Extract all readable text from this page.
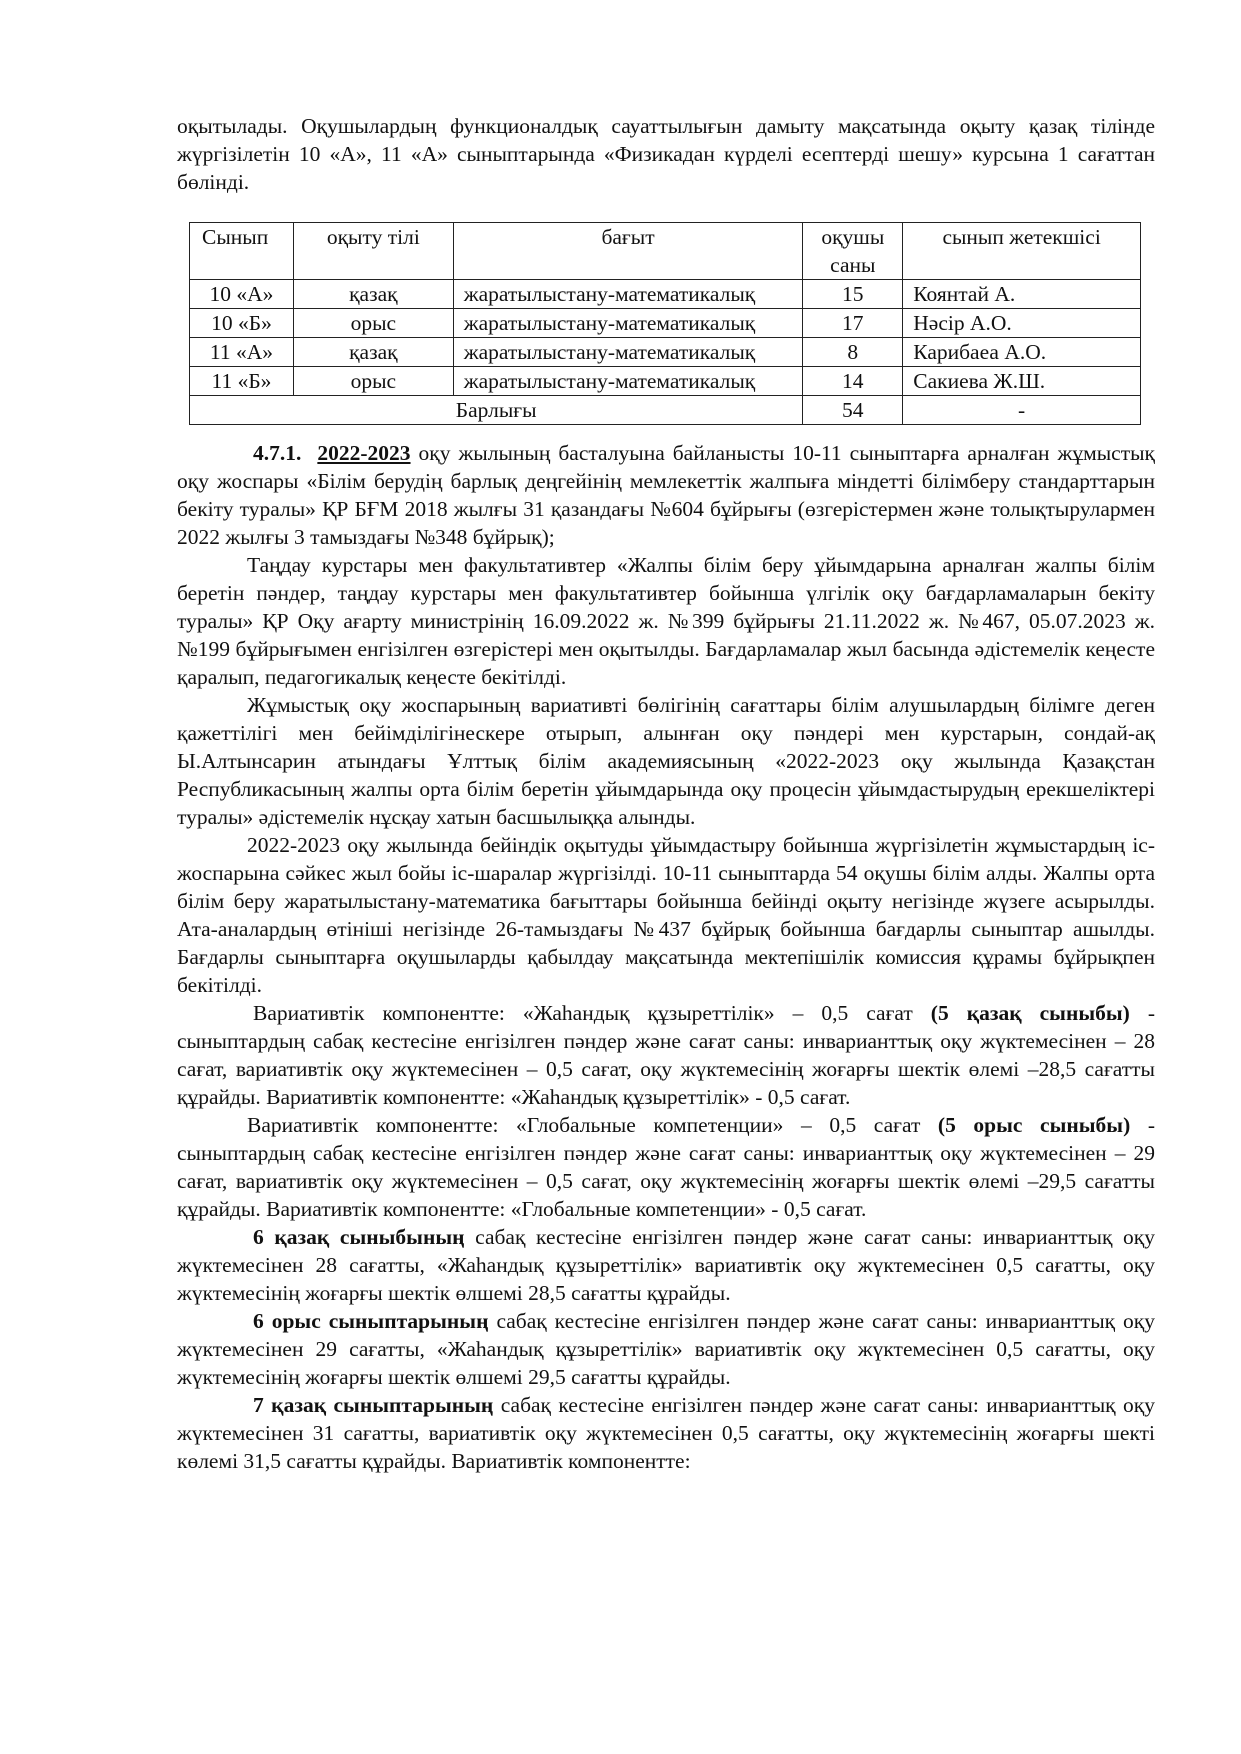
оқытылады. Оқушылардың функционалдық сауаттылығын дамыту мақсатында оқыту қазақ тілінде жүргізілетін 10 «А», 11 «А» сыныптарында «Физикадан күрделі есептерді шешу» курсына 1 сағаттан бөлінді.

Сынып	оқыту тілі	бағыт	оқушы саны	сынып жетекшісі
10 «А»	қазақ	жаратылыстану-математикалық	15	Коянтай А.
10 «Б»	орыс	жаратылыстану-математикалық	17	Нәсір А.О.
11 «А»	қазақ	жаратылыстану-математикалық	8	Карибаеа А.О.
11 «Б»	орыс	жаратылыстану-математикалық	14	Сакиева Ж.Ш.
Барлығы			54	-

4.7.1. 2022-2023 оқу жылының басталуына байланысты 10-11 сыныптарға арналған жұмыстық оқу жоспары «Білім берудің барлық деңгейінің мемлекеттік жалпыға міндетті білімберу стандарттарын бекіту туралы» ҚР БҒМ 2018 жылғы 31 қазандағы №604 бұйрығы (өзгерістермен және толықтырулармен 2022 жылғы 3 тамыздағы №348 бұйрық);

Таңдау курстары мен факультативтер «Жалпы білім беру ұйымдарына арналған жалпы білім беретін пәндер, таңдау курстары мен факультативтер бойынша үлгілік оқу бағдарламаларын бекіту туралы» ҚР Оқу ағарту министрінің 16.09.2022 ж. №399 бұйрығы 21.11.2022 ж. №467, 05.07.2023 ж. №199 бұйрығымен енгізілген өзгерістері мен оқытылды. Бағдарламалар жыл басында әдістемелік кеңесте қаралып, педагогикалық кеңесте бекітілді.

Жұмыстық оқу жоспарының вариативті бөлігінің сағаттары білім алушылардың білімге деген қажеттілігі мен бейімділігінескере отырып, алынған оқу пәндері мен курстарын, сондай-ақ Ы.Алтынсарин атындағы Ұлттық білім академиясының «2022-2023 оқу жылында Қазақстан Республикасының жалпы орта білім беретін ұйымдарында оқу процесін ұйымдастырудың ерекшеліктері туралы» әдістемелік нұсқау хатын басшылыққа алынды.

2022-2023 оқу жылында бейіндік оқытуды ұйымдастыру бойынша жүргізілетін жұмыстардың іс-жоспарына сәйкес жыл бойы іс-шаралар жүргізілді. 10-11 сыныптарда 54 оқушы білім алды. Жалпы орта білім беру жаратылыстану-математика бағыттары бойынша бейінді оқыту негізінде жүзеге асырылды. Ата-аналардың өтініші негізінде 26-тамыздағы №437 бұйрық бойынша бағдарлы сыныптар ашылды. Бағдарлы сыныптарға оқушыларды қабылдау мақсатында мектепішілік комиссия құрамы бұйрықпен бекітілді.

Вариативтік компонентте: «Жаһандық құзыреттілік» – 0,5 сағат (5 қазақ сыныбы) - сыныптардың сабақ кестесіне енгізілген пәндер және сағат саны: инварианттық оқу жүктемесінен – 28 сағат, вариативтік оқу жүктемесінен – 0,5 сағат, оқу жүктемесінің жоғарғы шектік өлемі –28,5 сағатты құрайды. Вариативтік компонентте: «Жаһандық құзыреттілік» - 0,5 сағат.

Вариативтік компонентте: «Глобальные компетенции» – 0,5 сағат (5 орыс сыныбы) - сыныптардың сабақ кестесіне енгізілген пәндер және сағат саны: инварианттық оқу жүктемесінен – 29 сағат, вариативтік оқу жүктемесінен – 0,5 сағат, оқу жүктемесінің жоғарғы шектік өлемі –29,5 сағатты құрайды. Вариативтік компонентте: «Глобальные компетенции» - 0,5 сағат.

6 қазақ сыныбының сабақ кестесіне енгізілген пәндер және сағат саны: инварианттық оқу жүктемесінен 28 сағатты, «Жаһандық құзыреттілік» вариативтік оқу жүктемесінен 0,5 сағатты, оқу жүктемесінің жоғарғы шектік өлшемі 28,5 сағатты құрайды.

6 орыс сыныптарының сабақ кестесіне енгізілген пәндер және сағат саны: инварианттық оқу жүктемесінен 29 сағатты, «Жаһандық құзыреттілік» вариативтік оқу жүктемесінен 0,5 сағатты, оқу жүктемесінің жоғарғы шектік өлшемі 29,5 сағатты құрайды.

7 қазақ сыныптарының сабақ кестесіне енгізілген пәндер және сағат саны: инварианттық оқу жүктемесінен 31 сағатты, вариативтік оқу жүктемесінен 0,5 сағатты, оқу жүктемесінің жоғарғы шекті көлемі 31,5 сағатты құрайды. Вариативтік компонентте:
